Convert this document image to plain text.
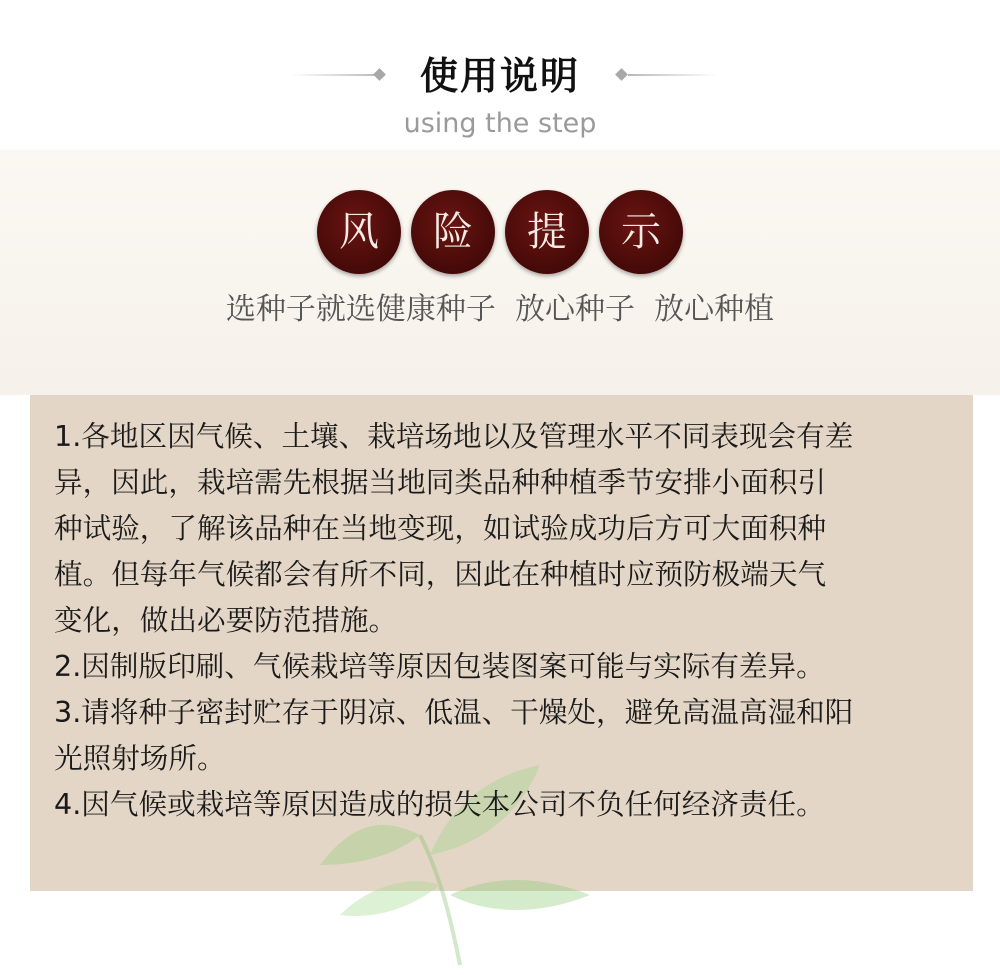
使用说明
using the step
风 险 提 示
选种子就选健康种子  放心种子  放心种植
1.各地区因气候、土壤、栽培场地以及管理水平不同表现会有差
异，因此，栽培需先根据当地同类品种种植季节安排小面积引
种试验，了解该品种在当地变现，如试验成功后方可大面积种
植。但每年气候都会有所不同，因此在种植时应预防极端天气
变化，做出必要防范措施。
2.因制版印刷、气候栽培等原因包装图案可能与实际有差异。
3.请将种子密封贮存于阴凉、低温、干燥处，避免高温高湿和阳
光照射场所。
4.因气候或栽培等原因造成的损失本公司不负任何经济责任。
